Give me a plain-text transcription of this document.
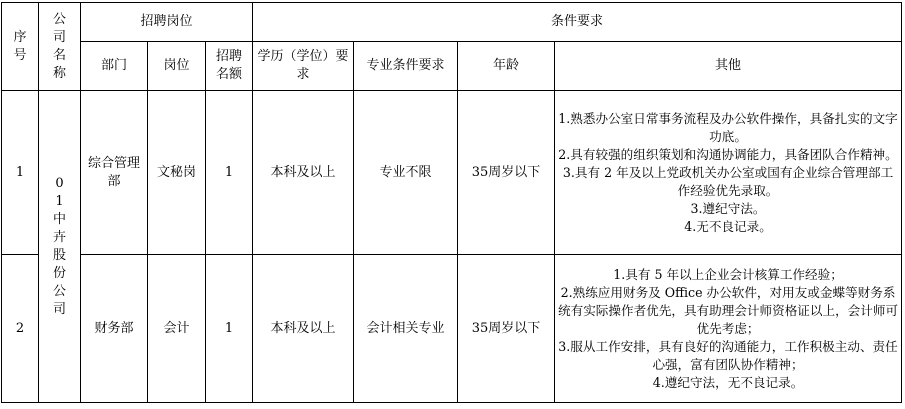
序号	公司名称	招聘岗位			条件要求			
		部门	岗位	招聘名额	学历（学位）要求	专业条件要求	年龄	其他
1	01中卉股份公司	综合管理部	文秘岗	1	本科及以上	专业不限	35周岁以下	1.熟悉办公室日常事务流程及办公软件操作，具备扎实的文字功底。
2.具有较强的组织策划和沟通协调能力，具备团队合作精神。
3.具有 2 年及以上党政机关办公室或国有企业综合管理部工作经验优先录取。
3.遵纪守法。
4.无不良记录。

2		财务部	会计	1	本科及以上	会计相关专业	35周岁以下	1.具有 5 年以上企业会计核算工作经验；
2.熟练应用财务及 Office 办公软件，对用友或金蝶等财务系统有实际操作者优先，具有助理会计师资格证以上，会计师可优先考虑；
3.服从工作安排，具有良好的沟通能力，工作积极主动、责任心强，富有团队协作精神；
4.遵纪守法，无不良记录。
